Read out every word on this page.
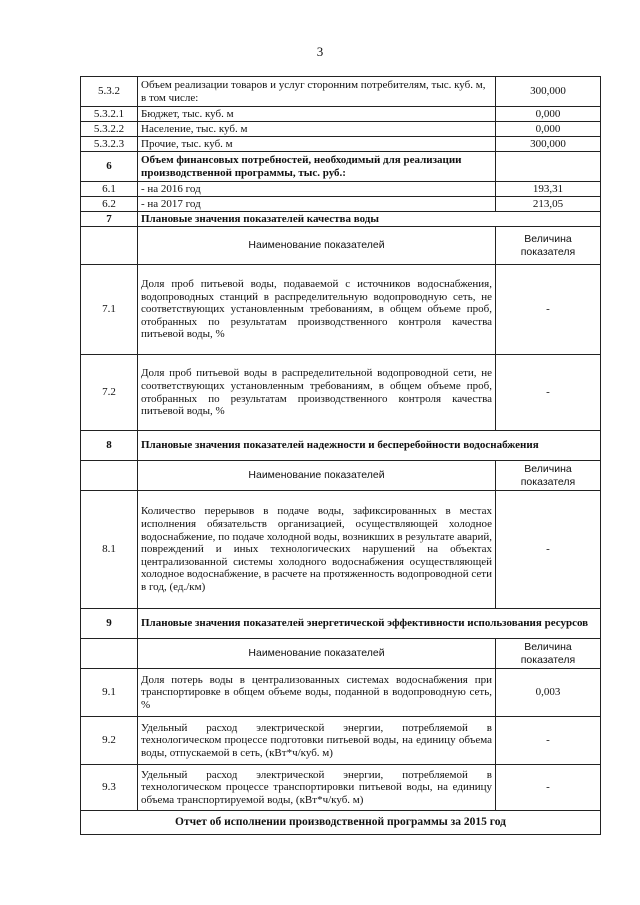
3
5.3.2	Объем реализации товаров и услуг сторонним потребителям, тыс. куб. м, в том числе:	300,000
5.3.2.1	Бюджет, тыс. куб. м	0,000
5.3.2.2	Население, тыс. куб. м	0,000
5.3.2.3	Прочие, тыс. куб. м	300,000
6	Объем финансовых потребностей, необходимый для реализации производственной программы, тыс. руб.:	
6.1	- на 2016 год	193,31
6.2	- на 2017 год	213,05
7	Плановые значения показателей качества воды	
	Наименование показателей	Величина показателя
7.1	Доля проб питьевой воды, подаваемой с источников водоснабжения, водопроводных станций в распределительную водопроводную сеть, не соответствующих установленным требованиям, в общем объеме проб, отобранных по результатам производственного контроля качества питьевой воды, %	-
7.2	Доля проб питьевой воды в распределительной водопроводной сети, не соответствующих установленным требованиям, в общем объеме проб, отобранных по результатам производственного контроля качества питьевой воды, %	-
8	Плановые значения показателей надежности и бесперебойности водоснабжения	
	Наименование показателей	Величина показателя
8.1	Количество перерывов в подаче воды, зафиксированных в местах исполнения обязательств организацией, осуществляющей холодное водоснабжение, по подаче холодной воды, возникших в результате аварий, повреждений и иных технологических нарушений на объектах централизованной системы холодного водоснабжения осуществляющей холодное водоснабжение, в расчете на протяженность водопроводной сети в год, (ед./км)	-
9	Плановые значения показателей энергетической эффективности использования ресурсов	
	Наименование показателей	Величина показателя
9.1	Доля потерь воды в централизованных системах водоснабжения при транспортировке в общем объеме воды, поданной в водопроводную сеть, %	0,003
9.2	Удельный расход электрической энергии, потребляемой в технологическом процессе подготовки питьевой воды, на единицу объема воды, отпускаемой в сеть, (кВт*ч/куб. м)	-
9.3	Удельный расход электрической энергии, потребляемой в технологическом процессе транспортировки питьевой воды, на единицу объема транспортируемой воды, (кВт*ч/куб. м)	-
Отчет об исполнении производственной программы за 2015 год		
